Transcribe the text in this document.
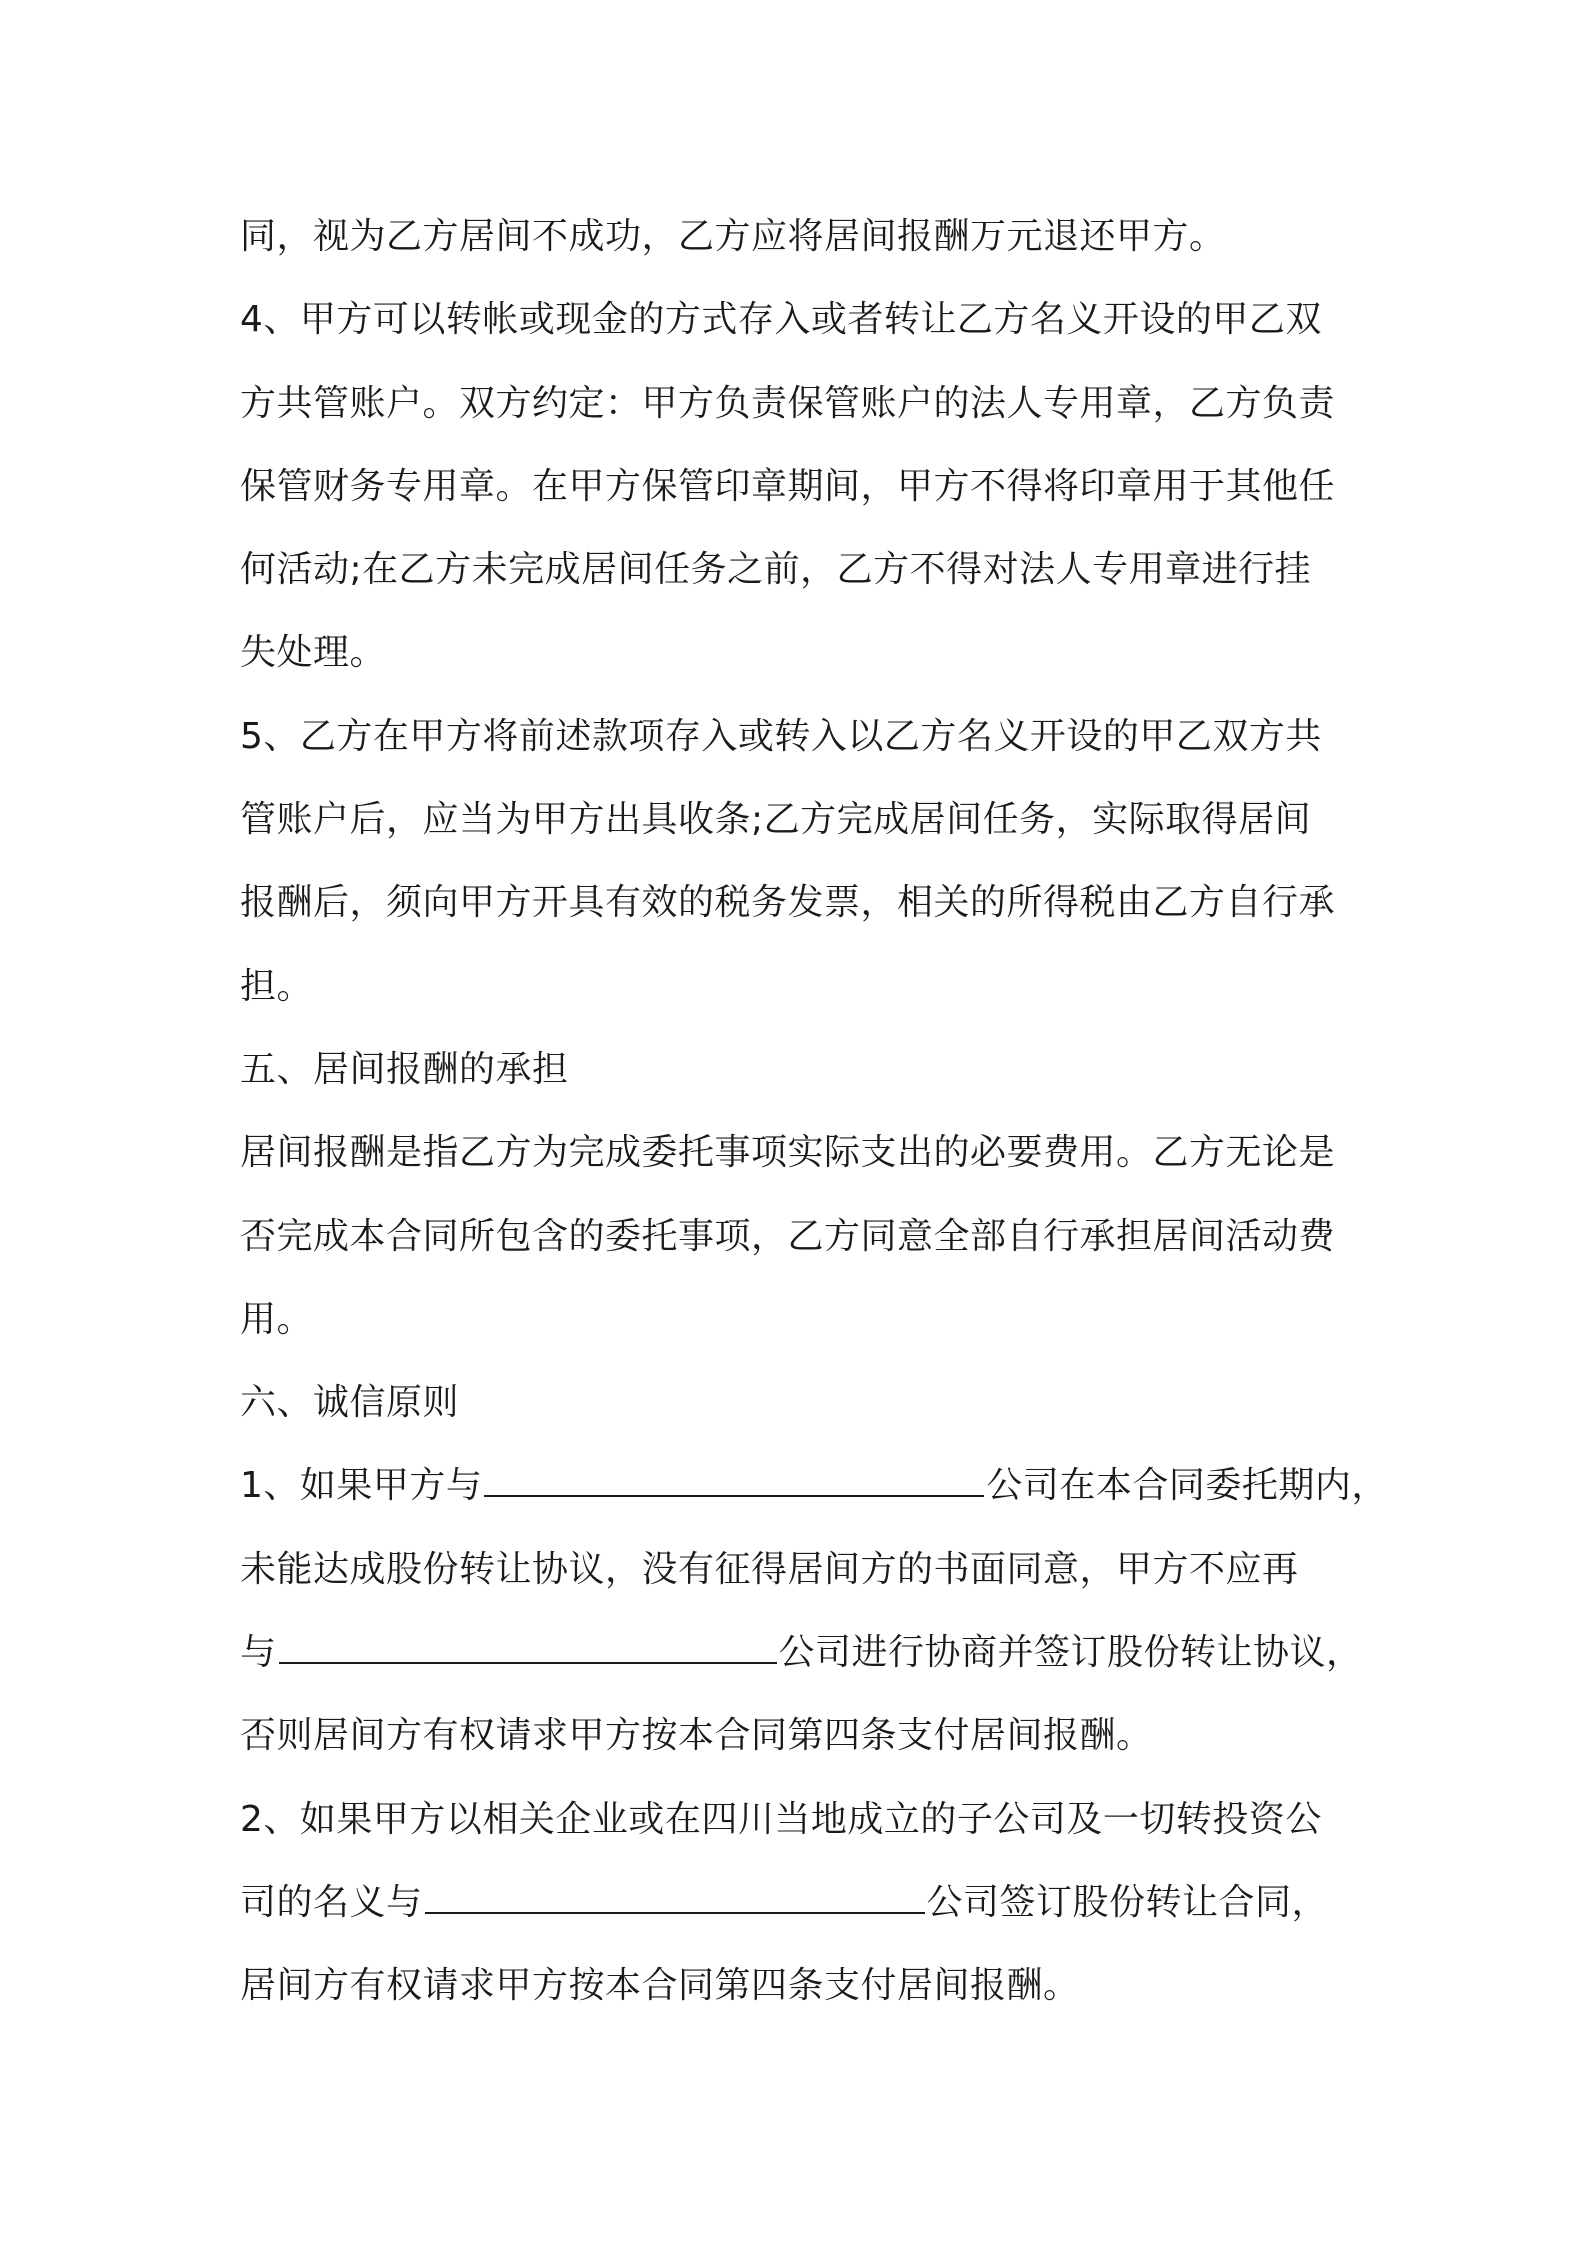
同，视为乙方居间不成功，乙方应将居间报酬万元退还甲方。
4、甲方可以转帐或现金的方式存入或者转让乙方名义开设的甲乙双
方共管账户。双方约定：甲方负责保管账户的法人专用章，乙方负责
保管财务专用章。在甲方保管印章期间，甲方不得将印章用于其他任
何活动;在乙方未完成居间任务之前，乙方不得对法人专用章进行挂
失处理。
5、乙方在甲方将前述款项存入或转入以乙方名义开设的甲乙双方共
管账户后，应当为甲方出具收条;乙方完成居间任务，实际取得居间
报酬后，须向甲方开具有效的税务发票，相关的所得税由乙方自行承
担。
五、居间报酬的承担
居间报酬是指乙方为完成委托事项实际支出的必要费用。乙方无论是
否完成本合同所包含的委托事项，乙方同意全部自行承担居间活动费
用。
六、诚信原则
1、如果甲方与	公司在本合同委托期内，
未能达成股份转让协议，没有征得居间方的书面同意，甲方不应再
与	公司进行协商并签订股份转让协议，
否则居间方有权请求甲方按本合同第四条支付居间报酬。
2、如果甲方以相关企业或在四川当地成立的子公司及一切转投资公
司的名义与	公司签订股份转让合同，
居间方有权请求甲方按本合同第四条支付居间报酬。
